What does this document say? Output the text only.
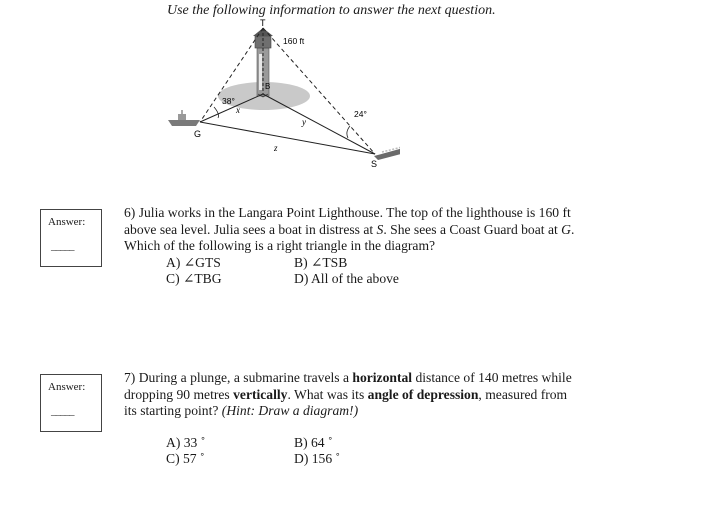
Use the following information to answer the next question.
T
160 ft
B
G
S
38°
24°
x
y
z
Answer:
_____
6) Julia works in the Langara Point Lighthouse. The top of the lighthouse is 160 ft
above sea level. Julia sees a boat in distress at S. She sees a Coast Guard boat at G.
Which of the following is a right triangle in the diagram?
A) ∠GTS	B) ∠TSB
C) ∠TBG	D) All of the above
Answer:
_____
7) During a plunge, a submarine travels a horizontal distance of 140 metres while
dropping 90 metres vertically. What was its angle of depression, measured from
its starting point? (Hint: Draw a diagram!)
A) 33 ˚	B) 64 ˚
C) 57 ˚	D) 156 ˚
